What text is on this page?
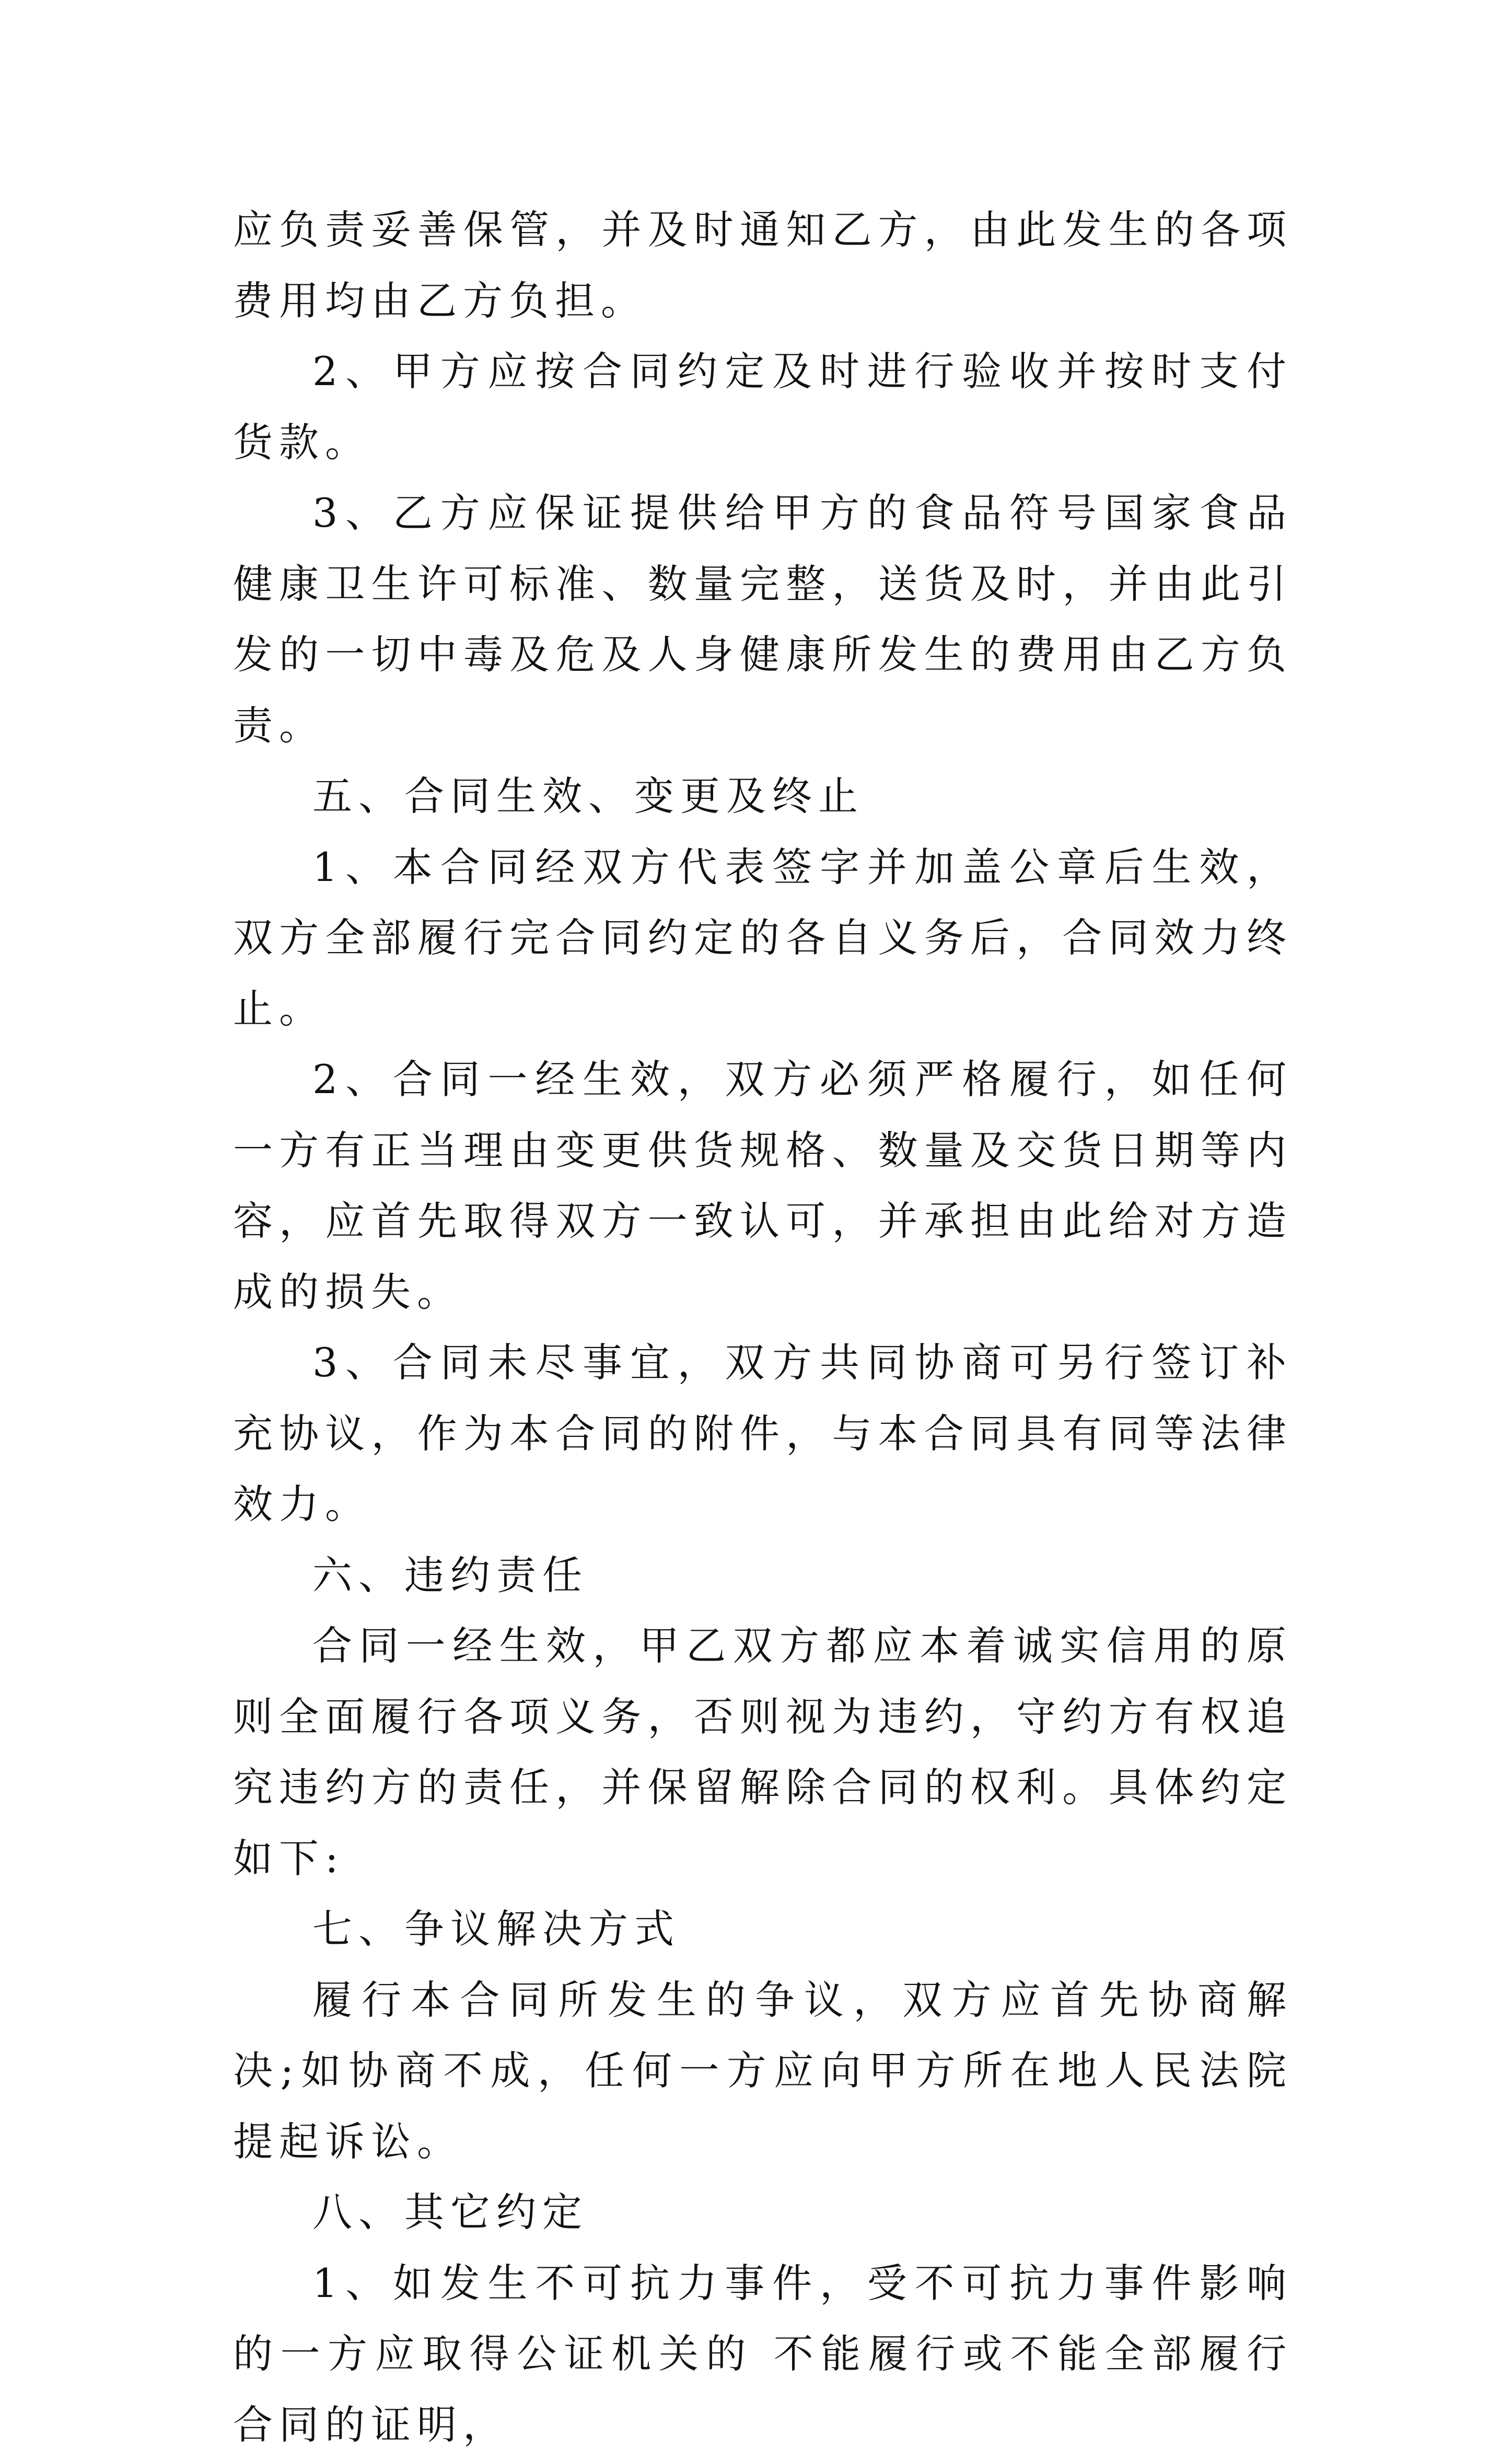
应负责妥善保管，并及时通知乙方，由此发生的各项费用均由乙方负担。

2、甲方应按合同约定及时进行验收并按时支付货款。

3、乙方应保证提供给甲方的食品符号国家食品健康卫生许可标准、数量完整，送货及时，并由此引发的一切中毒及危及人身健康所发生的费用由乙方负责。

五、合同生效、变更及终止

1、本合同经双方代表签字并加盖公章后生效，双方全部履行完合同约定的各自义务后，合同效力终止。

2、合同一经生效，双方必须严格履行，如任何一方有正当理由变更供货规格、数量及交货日期等内容，应首先取得双方一致认可，并承担由此给对方造成的损失。

3、合同未尽事宜，双方共同协商可另行签订补充协议，作为本合同的附件，与本合同具有同等法律效力。

六、违约责任

合同一经生效，甲乙双方都应本着诚实信用的原则全面履行各项义务，否则视为违约，守约方有权追究违约方的责任，并保留解除合同的权利。具体约定如下:

七、争议解决方式

履行本合同所发生的争议，双方应首先协商解决;如协商不成，任何一方应向甲方所在地人民法院提起诉讼。

八、其它约定

1、如发生不可抗力事件，受不可抗力事件影响的一方应取得公证机关的 不能履行或不能全部履行合同的证明，
